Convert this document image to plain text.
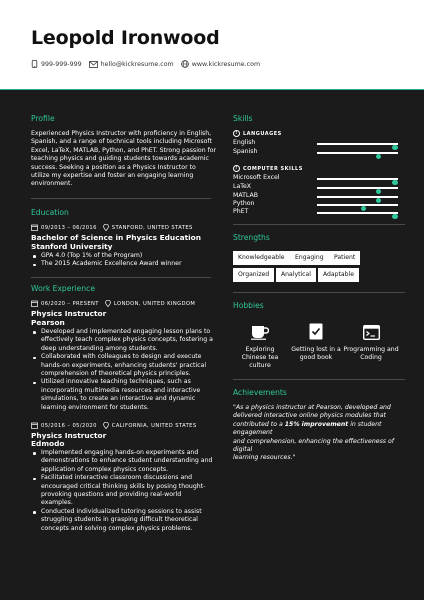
Leopold Ironwood
999-999-999	hello@kickresume.com	www.kickresume.com
Profile
Experienced Physics Instructor with proficiency in English,
Spanish, and a range of technical tools including Microsoft
Excel, LaTeX, MATLAB, Python, and PhET. Strong passion for
teaching physics and guiding students towards academic
success. Seeking a position as a Physics Instructor to
utilize my expertise and foster an engaging learning
environment.
Education
09/2013 – 06/2016	STANFORD, UNITED STATES
Bachelor of Science in Physics Education
Stanford University
GPA 4.0 (Top 1% of the Program)
The 2015 Academic Excellence Award winner
Work Experience
06/2020 – PRESENT	LONDON, UNITED KINGDOM
Physics Instructor
Pearson
Developed and implemented engaging lesson plans to
effectively teach complex physics concepts, fostering a
deep understanding among students.
Collaborated with colleagues to design and execute
hands-on experiments, enhancing students' practical
comprehension of theoretical physics principles.
Utilized innovative teaching techniques, such as
incorporating multimedia resources and interactive
simulations, to create an interactive and dynamic
learning environment for students.
05/2016 – 05/2020	CALIFORNIA, UNITED STATES
Physics Instructor
Edmodo
Implemented engaging hands-on experiments and
demonstrations to enhance student understanding and
application of complex physics concepts.
Facilitated interactive classroom discussions and
encouraged critical thinking skills by posing thought-
provoking questions and providing real-world
examples.
Conducted individualized tutoring sessions to assist
struggling students in grasping difficult theoretical
concepts and solving complex physics problems.
Skills
!	LANGUAGES
English
Spanish
!	COMPUTER SKILLS
Microsoft Excel
LaTeX
MATLAB
Python
PhET
Strengths
Knowledgeable	Engaging	Patient
Organized	Analytical	Adaptable
Hobbies
Exploring
Chinese tea
culture
Getting lost in a
good book
Programming and
Coding
Achievements
"As a physics instructor at Pearson, developed and
delivered interactive online physics modules that
contributed to a 15% improvement in student engagement
and comprehension, enhancing the effectiveness of digital
learning resources."
